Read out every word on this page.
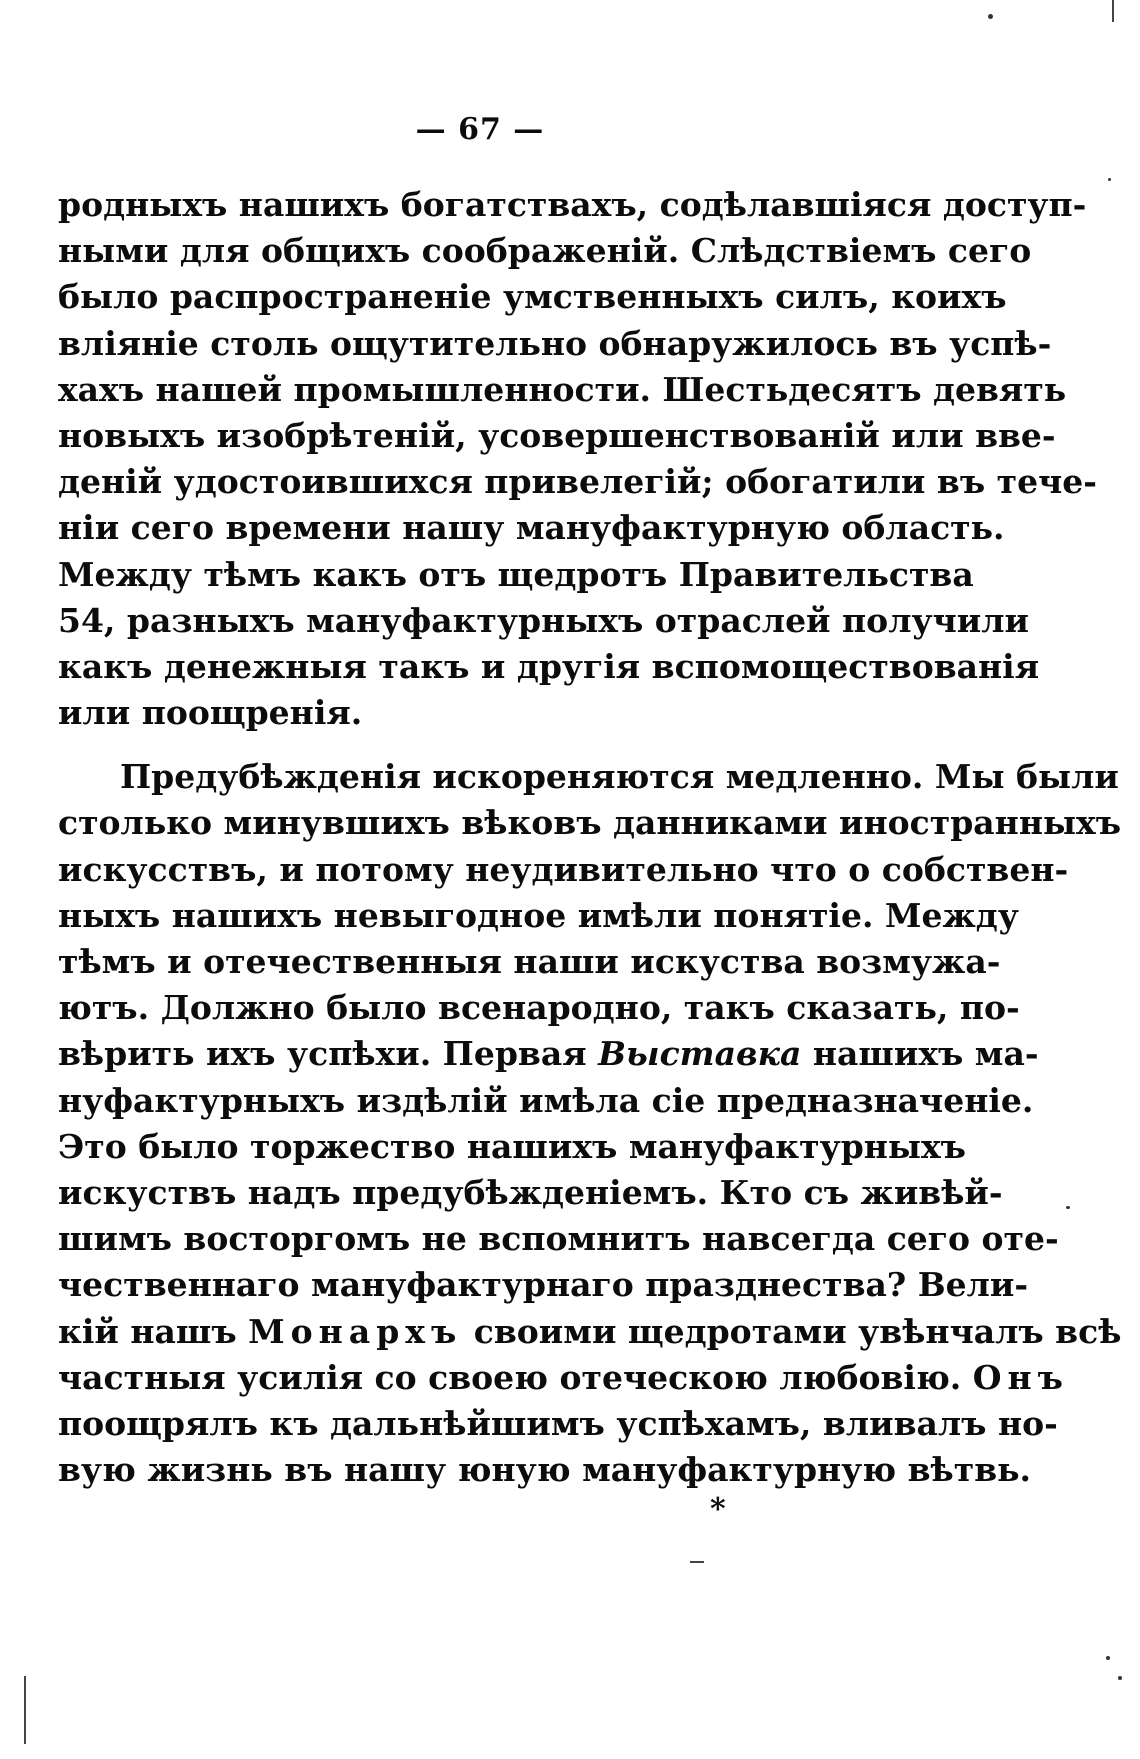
— 67 —
родныхъ нашихъ богатствахъ, содѣлавшіяся доступ-
ными для общихъ соображеній. Слѣдствіемъ сего
было распространеніе умственныхъ силъ, коихъ
вліяніе столь ощутительно обнаружилось въ успѣ-
хахъ нашей промышленности. Шестьдесятъ девять
новыхъ изобрѣтеній, усовершенствованій или вве-
деній удостоившихся привелегій; обогатили въ тече-
ніи сего времени нашу мануфактурную область.
Между тѣмъ какъ отъ щедротъ Правительства
54, разныхъ мануфактурныхъ отраслей получили
какъ денежныя такъ и другія вспомоществованія
или поощренія.
Предубѣжденія искореняются медленно. Мы были
столько минувшихъ вѣковъ данниками иностранныхъ
искусствъ, и потому неудивительно что о собствен-
ныхъ нашихъ невыгодное имѣли понятіе. Между
тѣмъ и отечественныя наши искуства возмужа-
ютъ. Должно было всенародно, такъ сказать, по-
вѣрить ихъ успѣхи. Первая Выставка нашихъ ма-
нуфактурныхъ издѣлій имѣла сіе предназначеніе.
Это было торжество нашихъ мануфактурныхъ
искуствъ надъ предубѣжденіемъ. Кто съ живѣй-
шимъ восторгомъ не вспомнитъ навсегда сего оте-
чественнаго мануфактурнаго празднества? Вели-
кій нашъ Монархъ своими щедротами увѣнчалъ всѣ
частныя усилія со своею отеческою любовію. Онъ
поощрялъ къ дальнѣйшимъ успѣхамъ, вливалъ но-
вую жизнь въ нашу юную мануфактурную вѣтвь.
*
